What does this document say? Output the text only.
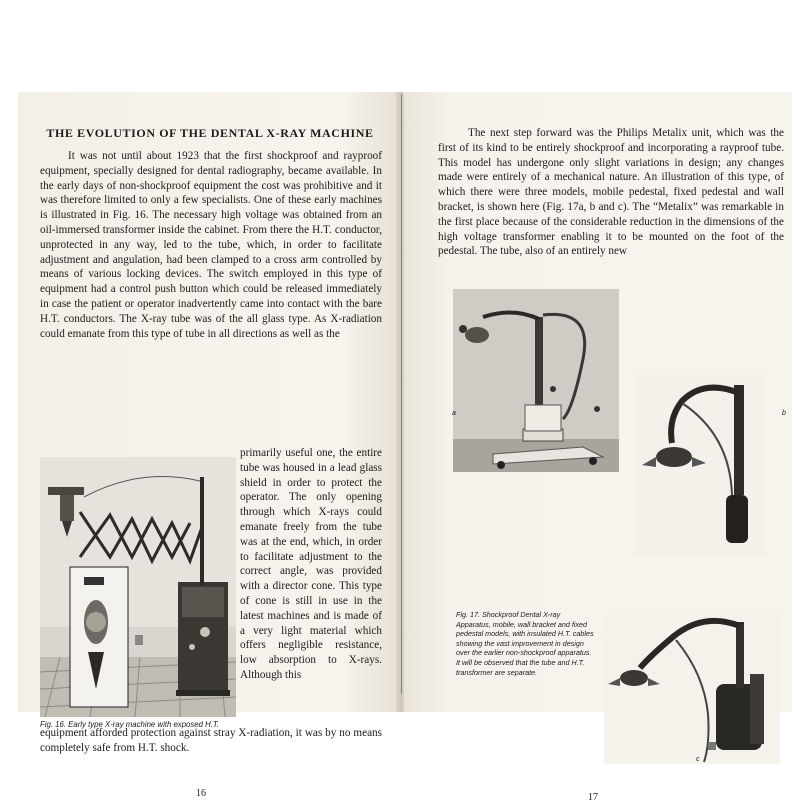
THE EVOLUTION OF THE DENTAL X-RAY MACHINE
It was not until about 1923 that the first shockproof and rayproof equipment, specially designed for dental radiography, became available. In the early days of non-shockproof equipment the cost was prohibitive and it was therefore limited to only a few specialists. One of these early machines is illustrated in Fig. 16. The necessary high voltage was obtained from an oil-immersed transformer inside the cabinet. From there the H.T. conductor, unprotected in any way, led to the tube, which, in order to facilitate adjustment and angulation, had been clamped to a cross arm controlled by means of various locking devices. The switch employed in this type of equipment had a control push button which could be released immediately in case the patient or operator inadvertently came into contact with the bare H.T. conductors. The X-ray tube was of the all glass type. As X-radiation could emanate from this type of tube in all directions as well as the
primarily useful one, the entire tube was housed in a lead glass shield in order to protect the operator. The only opening through which X-rays could emanate freely from the tube was at the end, which, in order to facilitate adjustment to the correct angle, was provided with a director cone. This type of cone is still in use in the latest machines and is made of a very light material which offers negligible resistance, low absorption to X-rays. Although this
Fig. 16. Early type X-ray machine with exposed H.T.
equipment afforded protection against stray X-radiation, it was by no means completely safe from H.T. shock.
16
The next step forward was the Philips Metalix unit, which was the first of its kind to be entirely shockproof and incorporating a rayproof tube. This model has undergone only slight variations in design; any changes made were entirely of a mechanical nature. An illustration of this type, of which there were three models, mobile pedestal, fixed pedestal and wall bracket, is shown here (Fig. 17a, b and c). The “Metalix” was remarkable in the first place because of the considerable reduction in the dimensions of the high voltage transformer enabling it to be mounted on the foot of the pedestal. The tube, also of an entirely new
a	b
Fig. 17. Shockproof Dental X-ray Apparatus, mobile, wall bracket and fixed pedestal models, with insulated H.T. cables showing the vast improvement in design over the earlier non-shockproof apparatus. It will be observed that the tube and H.T. transformer are separate.
c
17
